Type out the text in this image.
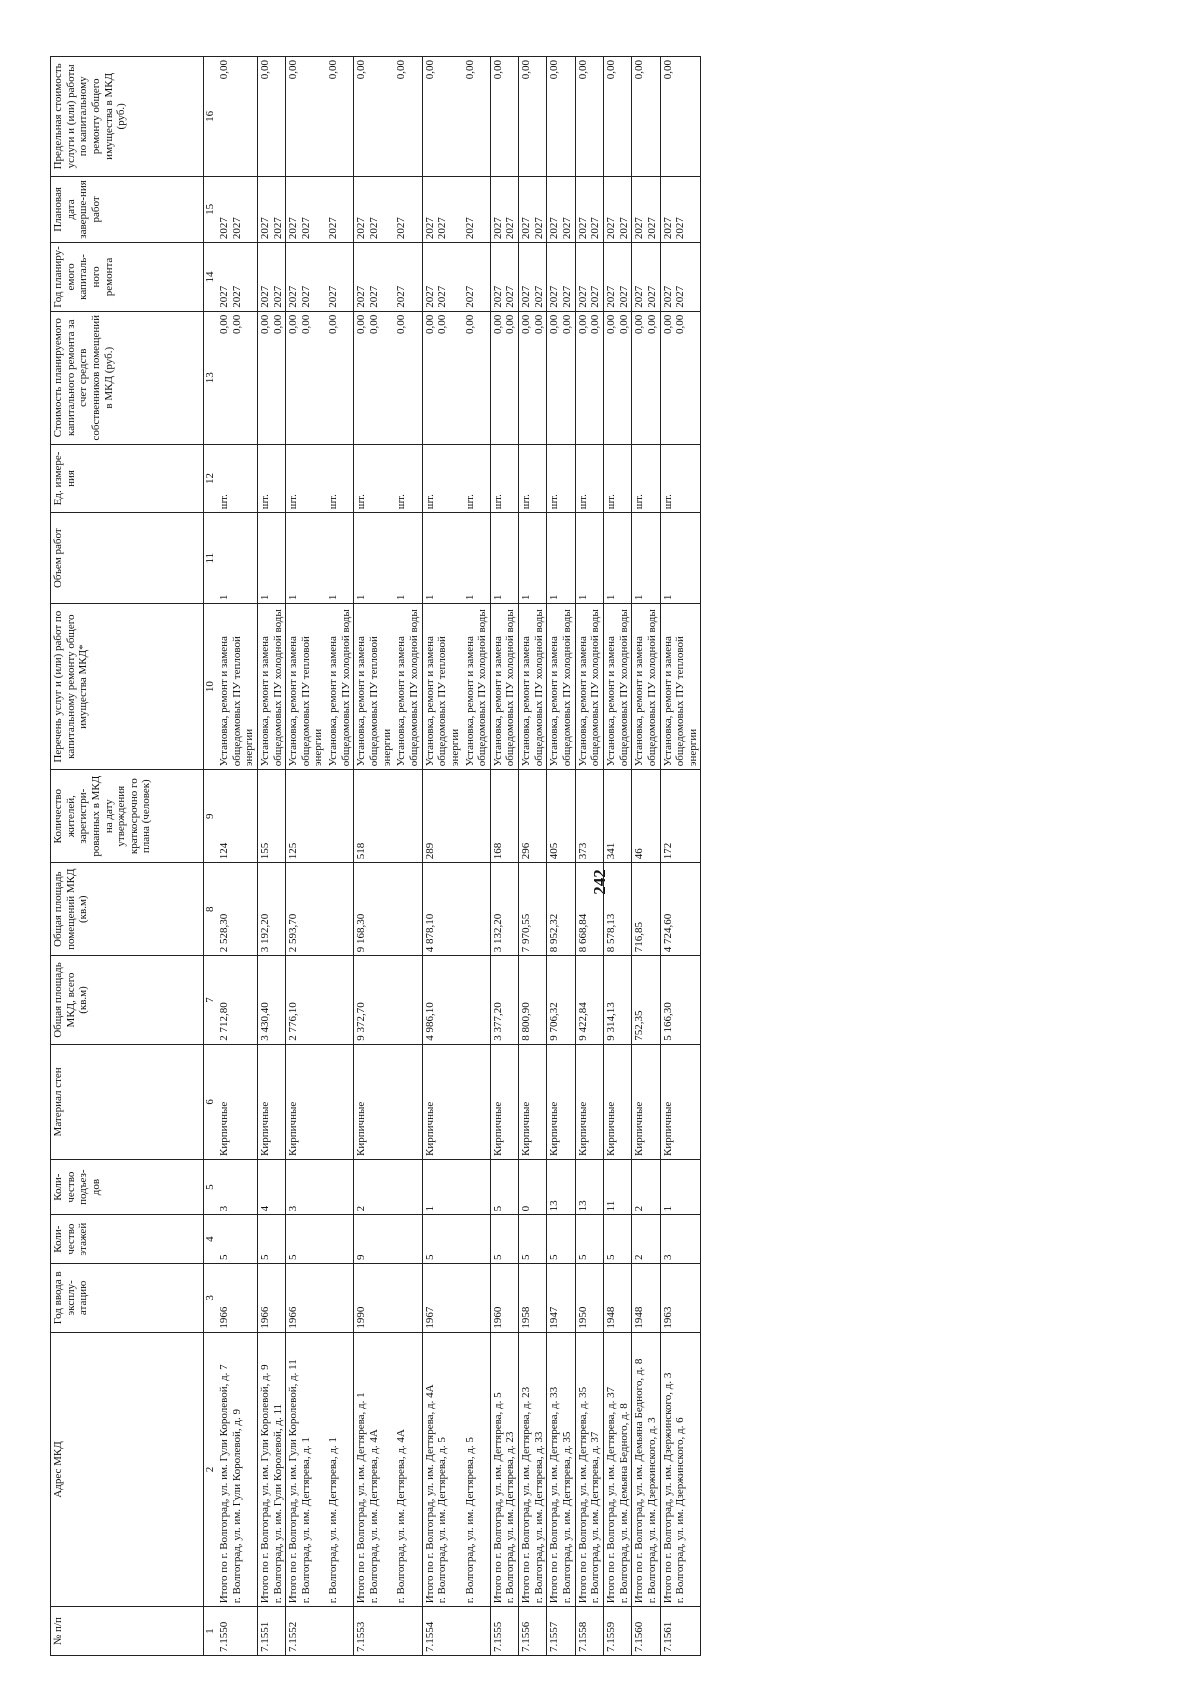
242
№ п/п	Адрес МКД	Год ввода в эксплу-атацию	Коли-чество этажей	Коли-чество подъез-дов	Материал стен	Общая площадь МКД, всего (кв.м)	Общая площадь помещений МКД (кв.м)	Количество жителей, зарегистри-рованных в МКД на дату утверждения краткосрочно го плана (человек)	Перечень услуг и (или) работ по капитальному ремонту общего имущества МКД*	Объем работ	Ед. измере-ния	Стоимость планируемого капитального ремонта за счет средств собственников помещений в МКД (руб.)	Год планиру-емого капиталь-ного ремонта	Плановая дата заверше-ния работ	Предельная стоимость услуги и (или) работы по капитальному ремонту общего имущества в МКД (руб.)
1	2	3	4	5	6	7	8	9	10	11	12	13	14	15	16

7.1550	Итого по г. Волгоград, ул. им. Гули Королевой, д. 7 г. Волгоград, ул. им. Гули Королевой, д. 9	1966	5	3	Кирпичные	2 712,80	2 528,30	124	Установка, ремонт и замена общедомовых ПУ тепловой энергии	1	шт.	0,00 0,00	2027 2027	2027 2027	0,00

7.1551	Итого по г. Волгоград, ул. им. Гули Королевой, д. 9 г. Волгоград, ул. им. Гули Королевой, д. 11	1966	5	4	Кирпичные	3 430,40	3 192,20	155	Установка, ремонт и замена общедомовых ПУ холодной воды	1	шт.	0,00 0,00	2027 2027	2027 2027	0,00

7.1552	Итого по г. Волгоград, ул. им. Гули Королевой, д. 11 г. Волгоград, ул. им. Дегтярева, д. 1	1966	5	3	Кирпичные	2 776,10	2 593,70	125	Установка, ремонт и замена общедомовых ПУ тепловой энергии	1	шт.	0,00 0,00	2027 2027	2027 2027	0,00

	г. Волгоград, ул. им. Дегтярева, д. 1								Установка, ремонт и замена общедомовых ПУ холодной воды	1	шт.	0,00	2027	2027	0,00

7.1553	Итого по г. Волгоград, ул. им. Дегтярева, д. 1 г. Волгоград, ул. им. Дегтярева, д. 4А	1990	9	2	Кирпичные	9 372,70	9 168,30	518	Установка, ремонт и замена общедомовых ПУ тепловой энергии	1	шт.	0,00 0,00	2027 2027	2027 2027	0,00

	г. Волгоград, ул. им. Дегтярева, д. 4А								Установка, ремонт и замена общедомовых ПУ холодной воды	1	шт.	0,00	2027	2027	0,00

7.1554	Итого по г. Волгоград, ул. им. Дегтярева, д. 4А г. Волгоград, ул. им. Дегтярева, д. 5	1967	5	1	Кирпичные	4 986,10	4 878,10	289	Установка, ремонт и замена общедомовых ПУ тепловой энергии	1	шт.	0,00 0,00	2027 2027	2027 2027	0,00

	г. Волгоград, ул. им. Дегтярева, д. 5								Установка, ремонт и замена общедомовых ПУ холодной воды	1	шт.	0,00	2027	2027	0,00

7.1555	Итого по г. Волгоград, ул. им. Дегтярева, д. 5 г. Волгоград, ул. им. Дегтярева, д. 23	1960	5	5	Кирпичные	3 377,20	3 132,20	168	Установка, ремонт и замена общедомовых ПУ холодной воды	1	шт.	0,00 0,00	2027 2027	2027 2027	0,00

7.1556	Итого по г. Волгоград, ул. им. Дегтярева, д. 23 г. Волгоград, ул. им. Дегтярева, д. 33	1958	5	0	Кирпичные	8 800,90	7 970,55	296	Установка, ремонт и замена общедомовых ПУ холодной воды	1	шт.	0,00 0,00	2027 2027	2027 2027	0,00

7.1557	Итого по г. Волгоград, ул. им. Дегтярева, д. 33 г. Волгоград, ул. им. Дегтярева, д. 35	1947	5	13	Кирпичные	9 706,32	8 952,32	405	Установка, ремонт и замена общедомовых ПУ холодной воды	1	шт.	0,00 0,00	2027 2027	2027 2027	0,00

7.1558	Итого по г. Волгоград, ул. им. Дегтярева, д. 35 г. Волгоград, ул. им. Дегтярева, д. 37	1950	5	13	Кирпичные	9 422,84	8 668,84	373	Установка, ремонт и замена общедомовых ПУ холодной воды	1	шт.	0,00 0,00	2027 2027	2027 2027	0,00

7.1559	Итого по г. Волгоград, ул. им. Дегтярева, д. 37 г. Волгоград, ул. им. Демьяна Бедного, д. 8	1948	5	11	Кирпичные	9 314,13	8 578,13	341	Установка, ремонт и замена общедомовых ПУ холодной воды	1	шт.	0,00 0,00	2027 2027	2027 2027	0,00

7.1560	Итого по г. Волгоград, ул. им. Демьяна Бедного, д. 8 г. Волгоград, ул. им. Дзержинского, д. 3	1948	2	2	Кирпичные	752,35	716,85	46	Установка, ремонт и замена общедомовых ПУ холодной воды	1	шт.	0,00 0,00	2027 2027	2027 2027	0,00

7.1561	Итого по г. Волгоград, ул. им. Дзержинского, д. 3 г. Волгоград, ул. им. Дзержинского, д. 6	1963	3	1	Кирпичные	5 166,30	4 724,60	172	Установка, ремонт и замена общедомовых ПУ тепловой энергии	1	шт.	0,00 0,00	2027 2027	2027 2027	0,00
